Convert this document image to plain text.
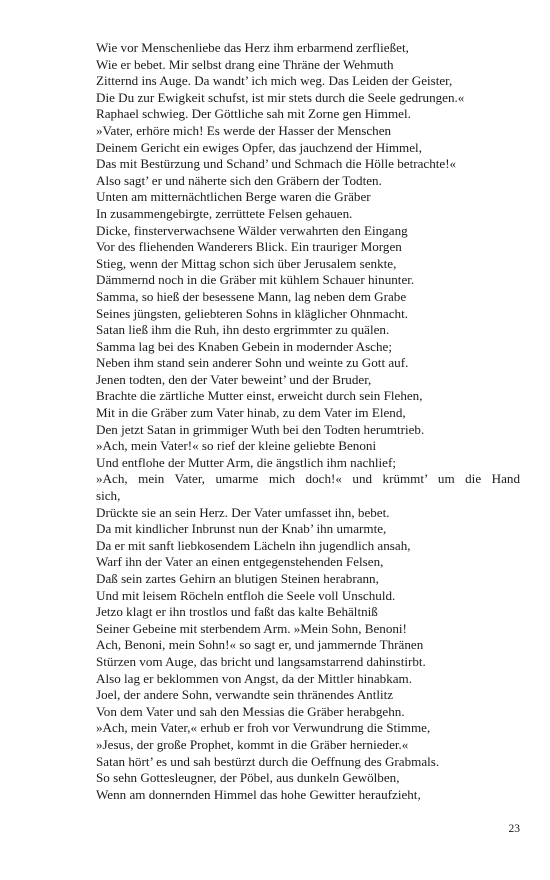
Wie vor Menschenliebe das Herz ihm erbarmend zerfließet,
Wie er bebet. Mir selbst drang eine Thräne der Wehmuth
Zitternd ins Auge. Da wandt’ ich mich weg. Das Leiden der Geister,
Die Du zur Ewigkeit schufst, ist mir stets durch die Seele gedrungen.«
Raphael schwieg. Der Göttliche sah mit Zorne gen Himmel.
»Vater, erhöre mich! Es werde der Hasser der Menschen
Deinem Gericht ein ewiges Opfer, das jauchzend der Himmel,
Das mit Bestürzung und Schand’ und Schmach die Hölle betrachte!«
Also sagt’ er und näherte sich den Gräbern der Todten.
Unten am mitternächtlichen Berge waren die Gräber
In zusammengebirgte, zerrüttete Felsen gehauen.
Dicke, finsterverwachsene Wälder verwahrten den Eingang
Vor des fliehenden Wanderers Blick. Ein trauriger Morgen
Stieg, wenn der Mittag schon sich über Jerusalem senkte,
Dämmernd noch in die Gräber mit kühlem Schauer hinunter.
Samma, so hieß der besessene Mann, lag neben dem Grabe
Seines jüngsten, geliebteren Sohns in kläglicher Ohnmacht.
Satan ließ ihm die Ruh, ihn desto ergrimmter zu quälen.
Samma lag bei des Knaben Gebein in modernder Asche;
Neben ihm stand sein anderer Sohn und weinte zu Gott auf.
Jenen todten, den der Vater beweint’ und der Bruder,
Brachte die zärtliche Mutter einst, erweicht durch sein Flehen,
Mit in die Gräber zum Vater hinab, zu dem Vater im Elend,
Den jetzt Satan in grimmiger Wuth bei den Todten herumtrieb.
»Ach, mein Vater!« so rief der kleine geliebte Benoni
Und entflohe der Mutter Arm, die ängstlich ihm nachlief;
»Ach, mein Vater, umarme mich doch!« und krümmt’ um die Hand
sich,
Drückte sie an sein Herz. Der Vater umfasset ihn, bebet.
Da mit kindlicher Inbrunst nun der Knab’ ihn umarmte,
Da er mit sanft liebkosendem Lächeln ihn jugendlich ansah,
Warf ihn der Vater an einen entgegenstehenden Felsen,
Daß sein zartes Gehirn an blutigen Steinen herabrann,
Und mit leisem Röcheln entfloh die Seele voll Unschuld.
Jetzo klagt er ihn trostlos und faßt das kalte Behältniß
Seiner Gebeine mit sterbendem Arm. »Mein Sohn, Benoni!
Ach, Benoni, mein Sohn!« so sagt er, und jammernde Thränen
Stürzen vom Auge, das bricht und langsamstarrend dahinstirbt.
Also lag er beklommen von Angst, da der Mittler hinabkam.
Joel, der andere Sohn, verwandte sein thränendes Antlitz
Von dem Vater und sah den Messias die Gräber herabgehn.
»Ach, mein Vater,« erhub er froh vor Verwundrung die Stimme,
»Jesus, der große Prophet, kommt in die Gräber hernieder.«
Satan hört’ es und sah bestürzt durch die Oeffnung des Grabmals.
So sehn Gottesleugner, der Pöbel, aus dunkeln Gewölben,
Wenn am donnernden Himmel das hohe Gewitter heraufzieht,
23
